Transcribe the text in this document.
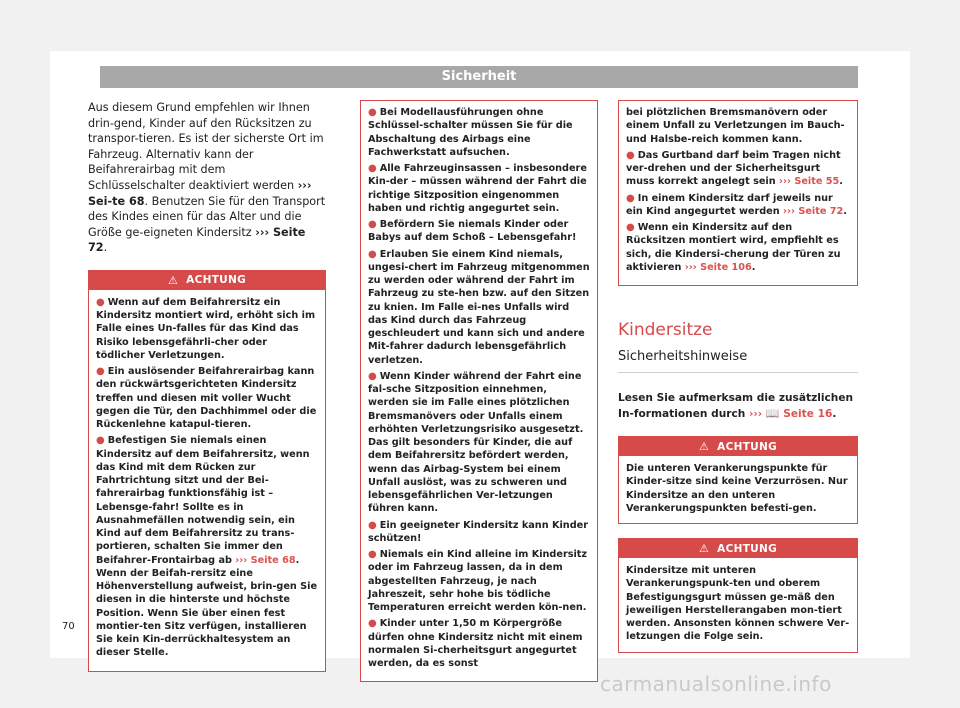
Sicherheit

Aus diesem Grund empfehlen wir Ihnen drin-gend, Kinder auf den Rücksitzen zu transpor-tieren. Es ist der sicherste Ort im Fahrzeug. Alternativ kann der Beifahrerairbag mit dem Schlüsselschalter deaktiviert werden ››› Sei-te 68. Benutzen Sie für den Transport des Kindes einen für das Alter und die Größe ge-eigneten Kindersitz ››› Seite 72.

⚠ ACHTUNG

● Wenn auf dem Beifahrersitz ein Kindersitz montiert wird, erhöht sich im Falle eines Un-falles für das Kind das Risiko lebensgefährli-cher oder tödlicher Verletzungen.

● Ein auslösender Beifahrerairbag kann den rückwärtsgerichteten Kindersitz treffen und diesen mit voller Wucht gegen die Tür, den Dachhimmel oder die Rückenlehne katapul-tieren.

● Befestigen Sie niemals einen Kindersitz auf dem Beifahrersitz, wenn das Kind mit dem Rücken zur Fahrtrichtung sitzt und der Bei-fahrerairbag funktionsfähig ist – Lebensge-fahr! Sollte es in Ausnahmefällen notwendig sein, ein Kind auf dem Beifahrersitz zu trans-portieren, schalten Sie immer den Beifahrer-Frontairbag ab ››› Seite 68. Wenn der Beifah-rersitz eine Höhenverstellung aufweist, brin-gen Sie diesen in die hinterste und höchste Position. Wenn Sie über einen fest montier-ten Sitz verfügen, installieren Sie kein Kin-derrückhaltesystem an dieser Stelle.

● Bei Modellausführungen ohne Schlüssel-schalter müssen Sie für die Abschaltung des Airbags eine Fachwerkstatt aufsuchen.

● Alle Fahrzeuginsassen – insbesondere Kin-der – müssen während der Fahrt die richtige Sitzposition eingenommen haben und richtig angegurtet sein.

● Befördern Sie niemals Kinder oder Babys auf dem Schoß – Lebensgefahr!

● Erlauben Sie einem Kind niemals, ungesi-chert im Fahrzeug mitgenommen zu werden oder während der Fahrt im Fahrzeug zu ste-hen bzw. auf den Sitzen zu knien. Im Falle ei-nes Unfalls wird das Kind durch das Fahrzeug geschleudert und kann sich und andere Mit-fahrer dadurch lebensgefährlich verletzen.

● Wenn Kinder während der Fahrt eine fal-sche Sitzposition einnehmen, werden sie im Falle eines plötzlichen Bremsmanövers oder Unfalls einem erhöhten Verletzungsrisiko ausgesetzt. Das gilt besonders für Kinder, die auf dem Beifahrersitz befördert werden, wenn das Airbag-System bei einem Unfall auslöst, was zu schweren und lebensgefährlichen Ver-letzungen führen kann.

● Ein geeigneter Kindersitz kann Kinder schützen!

● Niemals ein Kind alleine im Kindersitz oder im Fahrzeug lassen, da in dem abgestellten Fahrzeug, je nach Jahreszeit, sehr hohe bis tödliche Temperaturen erreicht werden kön-nen.

● Kinder unter 1,50 m Körpergröße dürfen ohne Kindersitz nicht mit einem normalen Si-cherheitsgurt angegurtet werden, da es sonst

bei plötzlichen Bremsmanövern oder einem Unfall zu Verletzungen im Bauch- und Halsbe-reich kommen kann.

● Das Gurtband darf beim Tragen nicht ver-drehen und der Sicherheitsgurt muss korrekt angelegt sein ››› Seite 55.

● In einem Kindersitz darf jeweils nur ein Kind angegurtet werden ››› Seite 72.

● Wenn ein Kindersitz auf den Rücksitzen montiert wird, empfiehlt es sich, die Kindersi-cherung der Türen zu aktivieren ››› Seite 106.

Kindersitze

Sicherheitshinweise

Lesen Sie aufmerksam die zusätzlichen In-formationen durch ››› 📖 Seite 16.

⚠ ACHTUNG

Die unteren Verankerungspunkte für Kinder-sitze sind keine Verzurrösen. Nur Kindersitze an den unteren Verankerungspunkten befesti-gen.

⚠ ACHTUNG

Kindersitze mit unteren Verankerungspunk-ten und oberem Befestigungsgurt müssen ge-mäß den jeweiligen Herstellerangaben mon-tiert werden. Ansonsten können schwere Ver-letzungen die Folge sein.

70
carmanualsonline.info
